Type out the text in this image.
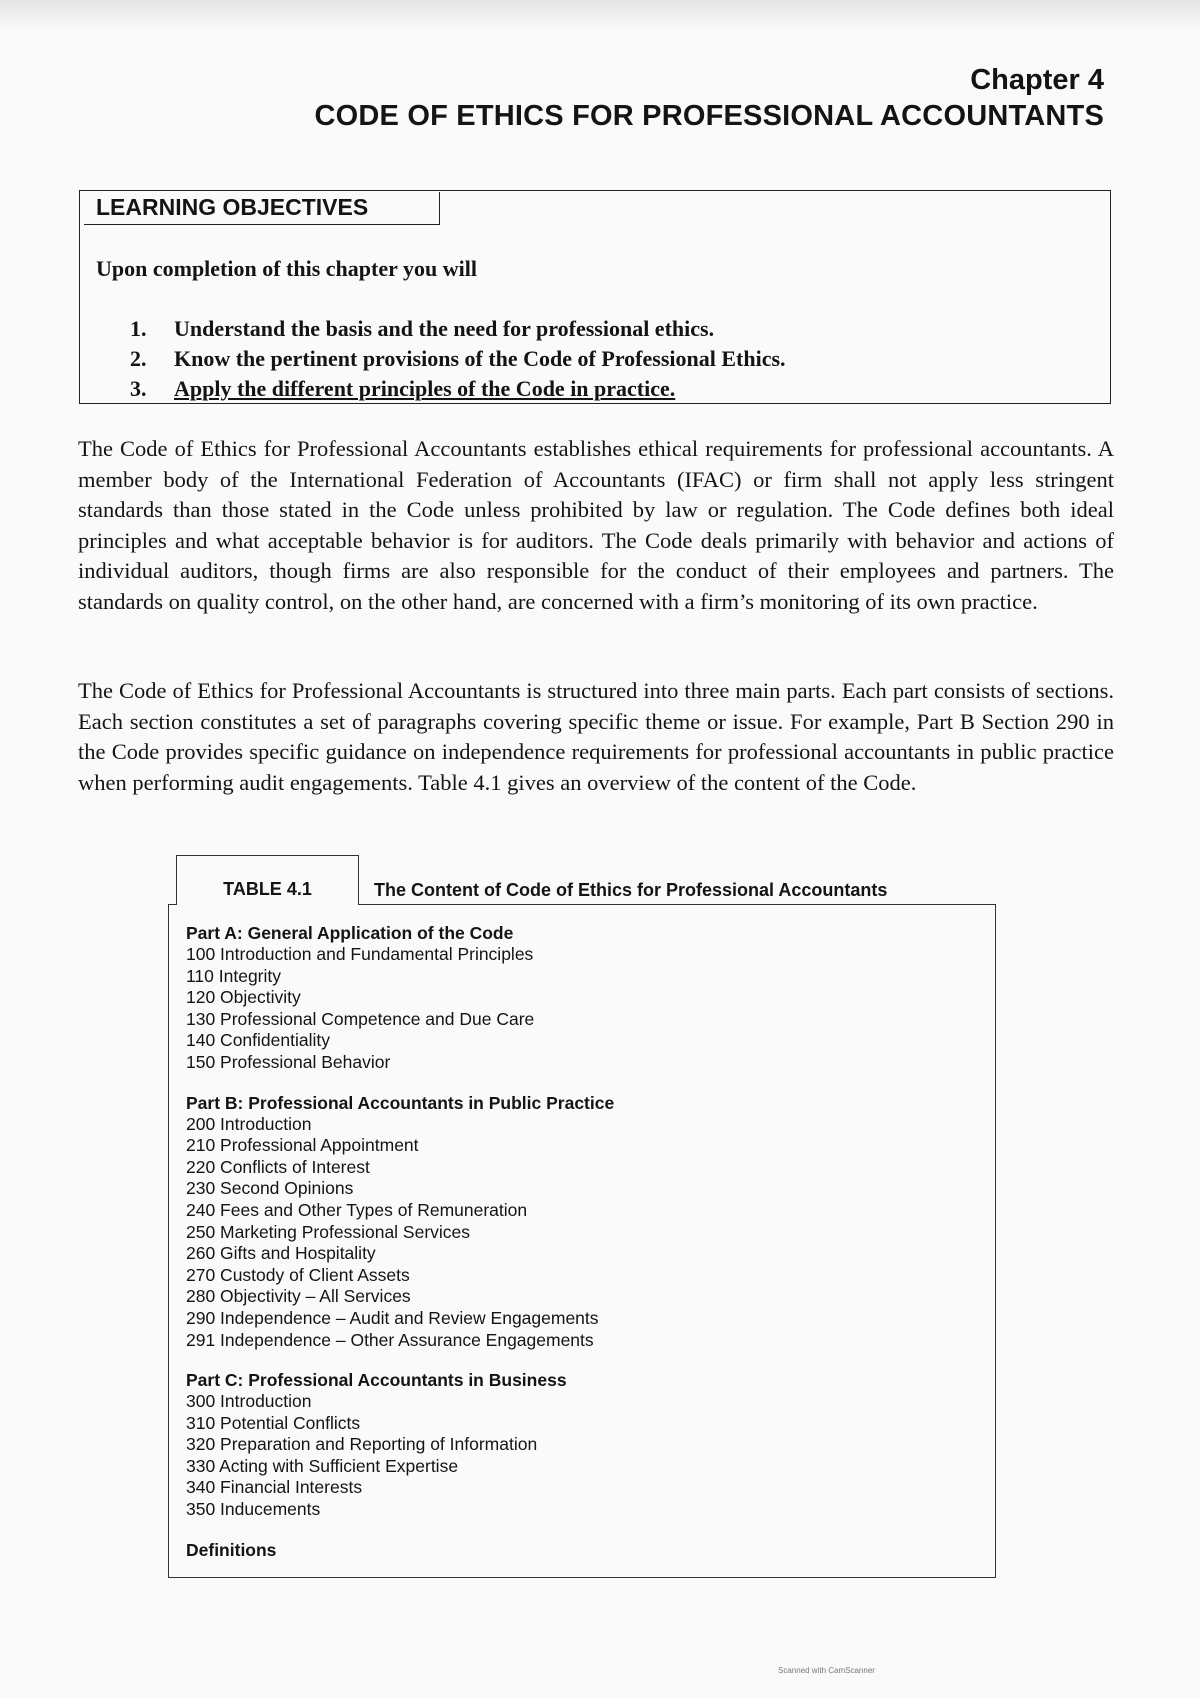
Chapter 4
CODE OF ETHICS FOR PROFESSIONAL ACCOUNTANTS
LEARNING OBJECTIVES
Upon completion of this chapter you will
1. Understand the basis and the need for professional ethics.
2. Know the pertinent provisions of the Code of Professional Ethics.
3. Apply the different principles of the Code in practice.

The Code of Ethics for Professional Accountants establishes ethical requirements for professional accountants. A member body of the International Federation of Accountants (IFAC) or firm shall not apply less stringent standards than those stated in the Code unless prohibited by law or regulation. The Code defines both ideal principles and what acceptable behavior is for auditors. The Code deals primarily with behavior and actions of individual auditors, though firms are also responsible for the conduct of their employees and partners. The standards on quality control, on the other hand, are concerned with a firm’s monitoring of its own practice.

The Code of Ethics for Professional Accountants is structured into three main parts. Each part consists of sections. Each section constitutes a set of paragraphs covering specific theme or issue. For example, Part B Section 290 in the Code provides specific guidance on independence requirements for professional accountants in public practice when performing audit engagements. Table 4.1 gives an overview of the content of the Code.

TABLE 4.1	The Content of Code of Ethics for Professional Accountants
Part A: General Application of the Code
100 Introduction and Fundamental Principles
110 Integrity
120 Objectivity
130 Professional Competence and Due Care
140 Confidentiality
150 Professional Behavior
Part B: Professional Accountants in Public Practice
200 Introduction
210 Professional Appointment
220 Conflicts of Interest
230 Second Opinions
240 Fees and Other Types of Remuneration
250 Marketing Professional Services
260 Gifts and Hospitality
270 Custody of Client Assets
280 Objectivity – All Services
290 Independence – Audit and Review Engagements
291 Independence – Other Assurance Engagements
Part C: Professional Accountants in Business
300 Introduction
310 Potential Conflicts
320 Preparation and Reporting of Information
330 Acting with Sufficient Expertise
340 Financial Interests
350 Inducements
Definitions
Scanned with CamScanner
